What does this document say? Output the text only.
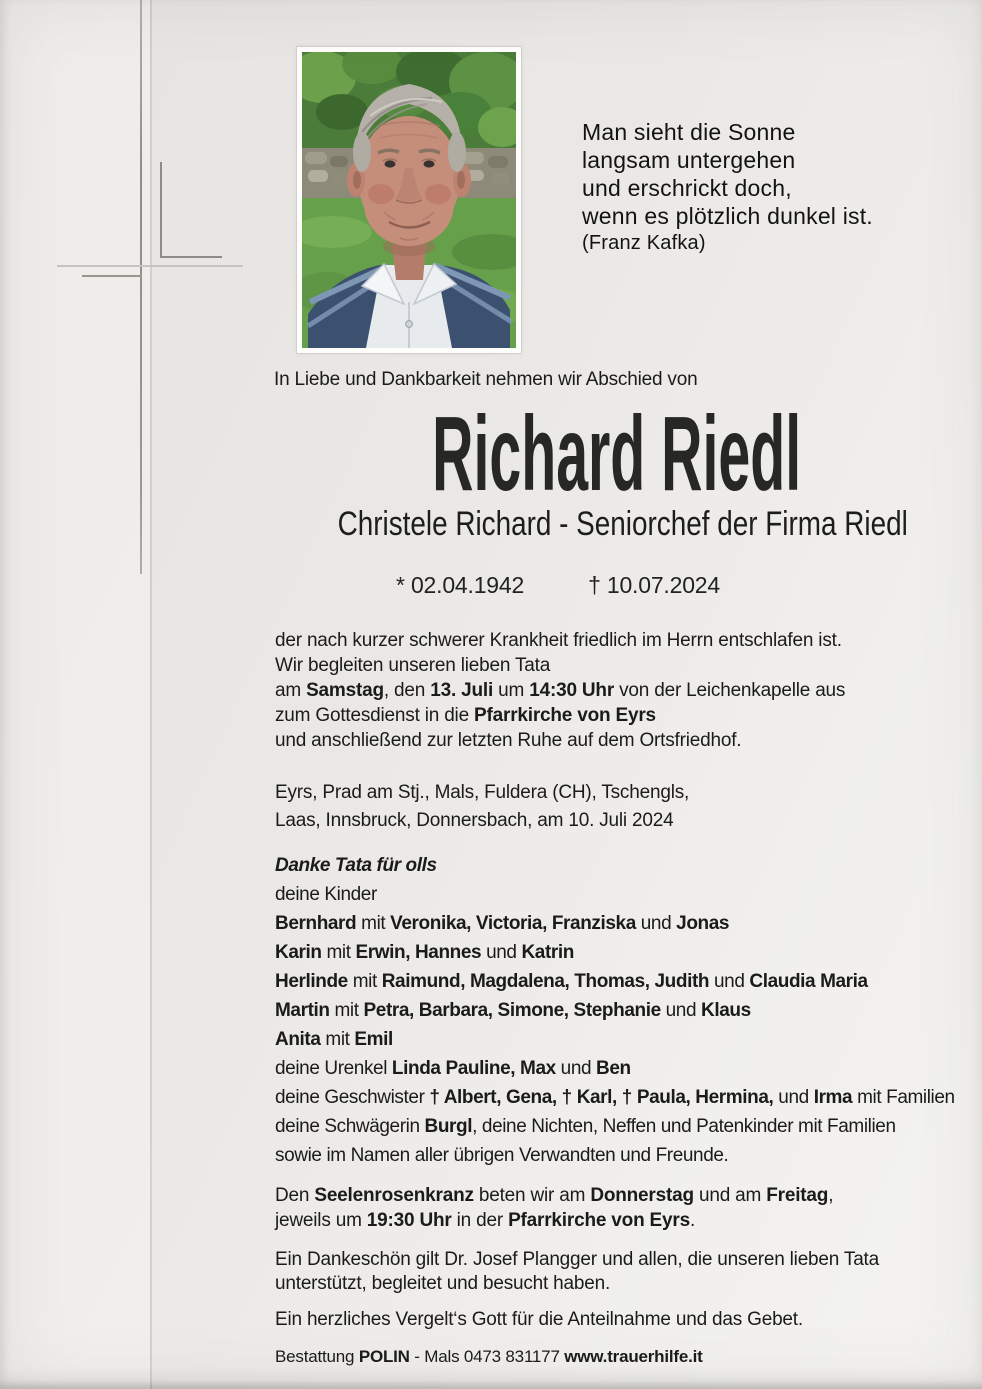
Man sieht die Sonne
langsam untergehen
und erschrickt doch,
wenn es plötzlich dunkel ist.
(Franz Kafka)
In Liebe und Dankbarkeit nehmen wir Abschied von
Richard Riedl
Christele Richard - Seniorchef der Firma Riedl
* 02.04.1942	† 10.07.2024
der nach kurzer schwerer Krankheit friedlich im Herrn entschlafen ist.
Wir begleiten unseren lieben Tata
am Samstag, den 13. Juli um 14:30 Uhr von der Leichenkapelle aus
zum Gottesdienst in die Pfarrkirche von Eyrs
und anschließend zur letzten Ruhe auf dem Ortsfriedhof.
Eyrs, Prad am Stj., Mals, Fuldera (CH), Tschengls,
Laas, Innsbruck, Donnersbach, am 10. Juli 2024
Danke Tata für olls
deine Kinder
Bernhard mit Veronika, Victoria, Franziska und Jonas
Karin mit Erwin, Hannes und Katrin
Herlinde mit Raimund, Magdalena, Thomas, Judith und Claudia Maria
Martin mit Petra, Barbara, Simone, Stephanie und Klaus
Anita mit Emil
deine Urenkel Linda Pauline, Max und Ben
deine Geschwister † Albert, Gena, † Karl, † Paula, Hermina, und Irma mit Familien
deine Schwägerin Burgl, deine Nichten, Neffen und Patenkinder mit Familien
sowie im Namen aller übrigen Verwandten und Freunde.
Den Seelenrosenkranz beten wir am Donnerstag und am Freitag,
jeweils um 19:30 Uhr in der Pfarrkirche von Eyrs.
Ein Dankeschön gilt Dr. Josef Plangger und allen, die unseren lieben Tata
unterstützt, begleitet und besucht haben.
Ein herzliches Vergelt‘s Gott für die Anteilnahme und das Gebet.
Bestattung POLIN - Mals 0473 831177 www.trauerhilfe.it
